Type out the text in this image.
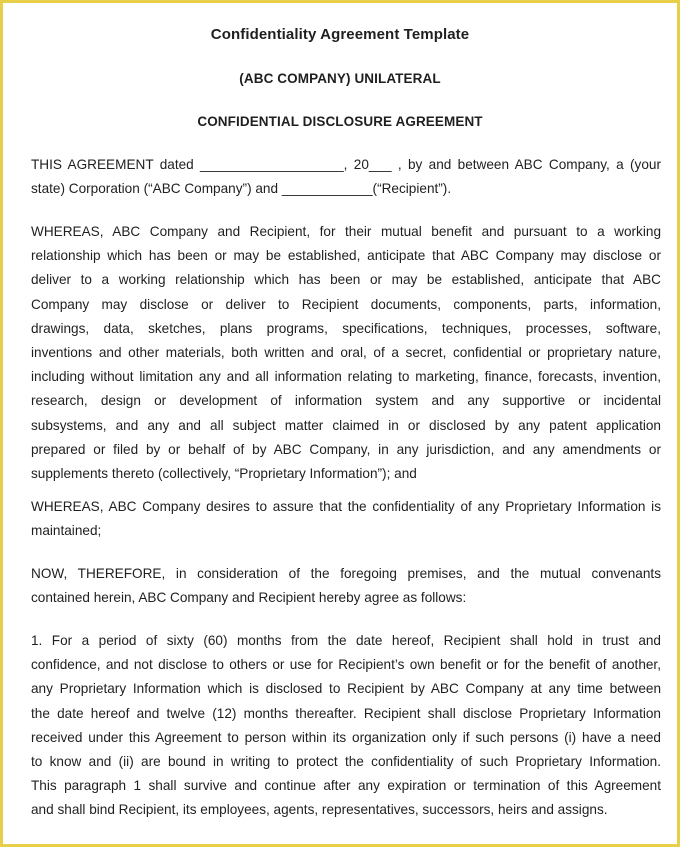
Confidentiality Agreement Template
(ABC COMPANY) UNILATERAL
CONFIDENTIAL DISCLOSURE AGREEMENT
THIS AGREEMENT dated ___________________, 20___ , by and between ABC Company, a (your
state) Corporation (“ABC Company”) and ____________(“Recipient”).
WHEREAS, ABC Company and Recipient, for their mutual benefit and pursuant to a working
relationship which has been or may be established, anticipate that ABC Company may disclose or
deliver to a working relationship which has been or may be established, anticipate that ABC
Company may disclose or deliver to Recipient documents, components, parts, information,
drawings, data, sketches, plans programs, specifications, techniques, processes, software,
inventions and other materials, both written and oral, of a secret, confidential or proprietary nature,
including without limitation any and all information relating to marketing, finance, forecasts, invention,
research, design or development of information system and any supportive or incidental
subsystems, and any and all subject matter claimed in or disclosed by any patent application
prepared or filed by or behalf of by ABC Company, in any jurisdiction, and any amendments or
supplements thereto (collectively, “Proprietary Information”); and
WHEREAS, ABC Company desires to assure that the confidentiality of any Proprietary Information is
maintained;
NOW, THEREFORE, in consideration of the foregoing premises, and the mutual convenants
contained herein, ABC Company and Recipient hereby agree as follows:
1. For a period of sixty (60) months from the date hereof, Recipient shall hold in trust and
confidence, and not disclose to others or use for Recipient’s own benefit or for the benefit of another,
any Proprietary Information which is disclosed to Recipient by ABC Company at any time between
the date hereof and twelve (12) months thereafter. Recipient shall disclose Proprietary Information
received under this Agreement to person within its organization only if such persons (i) have a need
to know and (ii) are bound in writing to protect the confidentiality of such Proprietary Information.
This paragraph 1 shall survive and continue after any expiration or termination of this Agreement
and shall bind Recipient, its employees, agents, representatives, successors, heirs and assigns.
